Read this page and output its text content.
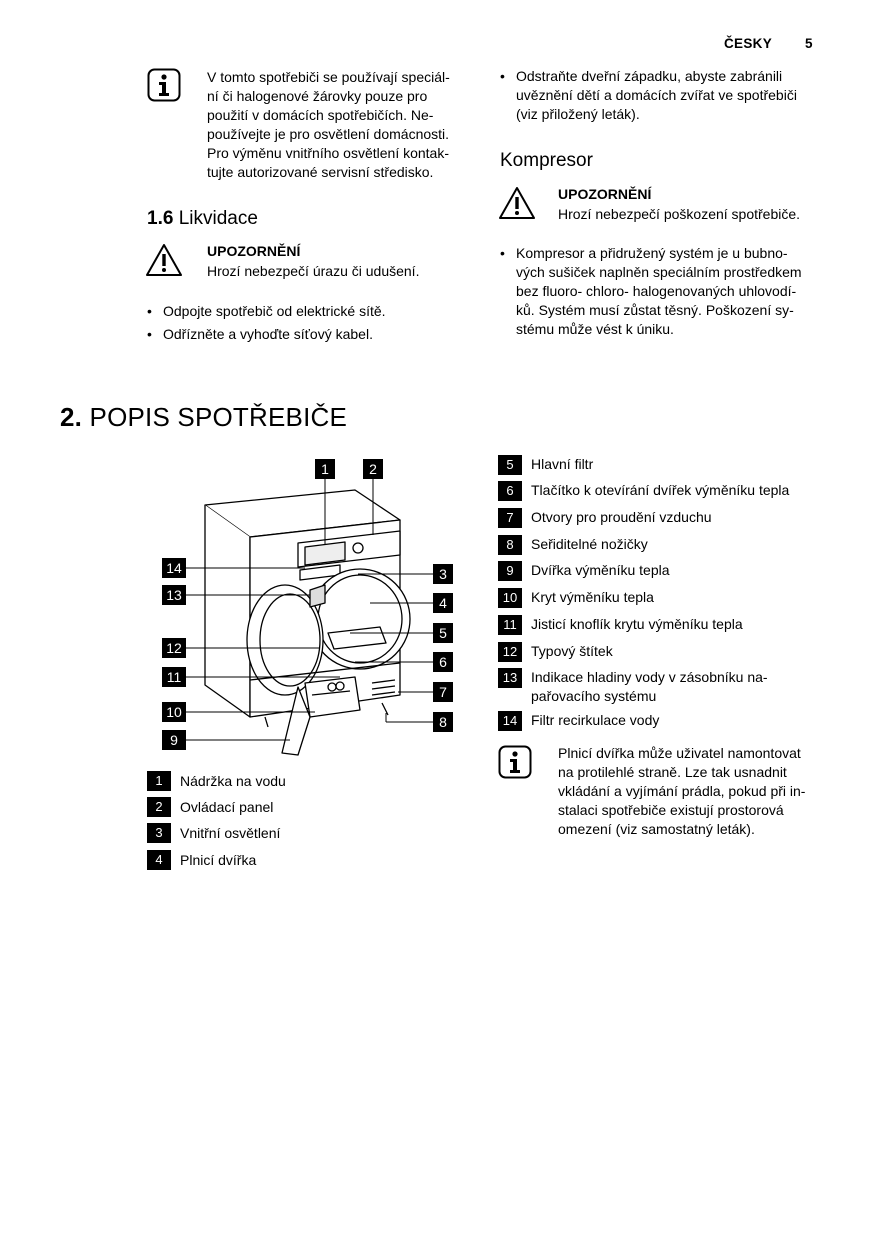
ČESKY 5
V tomto spotřebiči se používají speciál-
ní či halogenové žárovky pouze pro
použití v domácích spotřebičích. Ne-
používejte je pro osvětlení domácnosti.
Pro výměnu vnitřního osvětlení kontak-
tujte autorizované servisní středisko.
1.6 Likvidace
UPOZORNĚNÍ
Hrozí nebezpečí úrazu či udušení.
• Odpojte spotřebič od elektrické sítě.
• Odřízněte a vyhoďte síťový kabel.
• Odstraňte dveřní západku, abyste zabránili
uvěznění dětí a domácích zvířat ve spotřebiči
(viz přiložený leták).
Kompresor
UPOZORNĚNÍ
Hrozí nebezpečí poškození spotřebiče.
• Kompresor a přidružený systém je u bubno-
vých sušiček naplněn speciálním prostředkem
bez fluoro- chloro- halogenovaných uhlovodí-
ků. Systém musí zůstat těsný. Poškození sy-
stému může vést k úniku.
2. POPIS SPOTŘEBIČE
1	2
3
4
5
6
7
8
9
10
11
12
13
14
1	Nádržka na vodu
2	Ovládací panel
3	Vnitřní osvětlení
4	Plnicí dvířka
5	Hlavní filtr
6	Tlačítko k otevírání dvířek výměníku tepla
7	Otvory pro proudění vzduchu
8	Seřiditelné nožičky
9	Dvířka výměníku tepla
10 Kryt výměníku tepla
11	Jisticí knoflík krytu výměníku tepla
12 Typový štítek
13 Indikace hladiny vody v zásobníku na-
pařovacího systému
14 Filtr recirkulace vody
Plnicí dvířka může uživatel namontovat
na protilehlé straně. Lze tak usnadnit
vkládání a vyjímání prádla, pokud při in-
stalaci spotřebiče existují prostorová
omezení (viz samostatný leták).
